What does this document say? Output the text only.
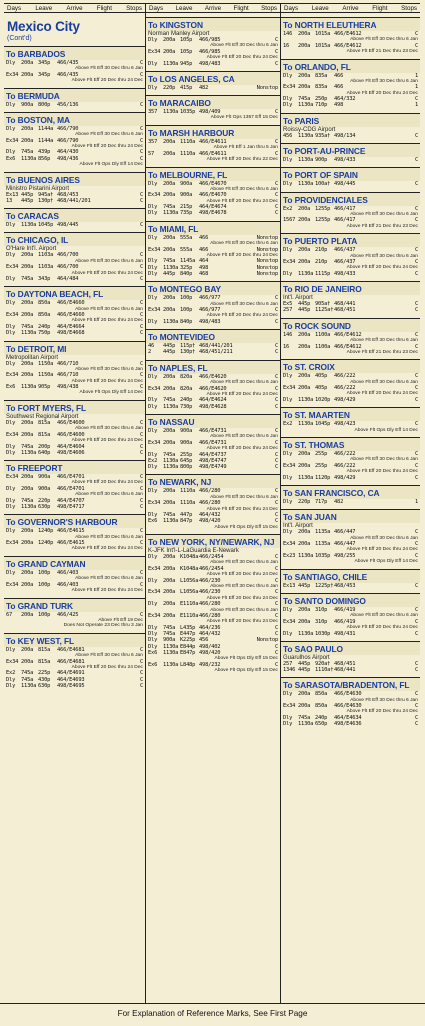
Days Leave Arrive Flight Stops
Mexico City
(Cont'd)
To BARBADOS
Dly	200a 345p	466/435	C
Above Flt Eff 30 Dec thru 6 Jan
Ex34 200a 345p	466/435	C
Above Flt Eff 20 Dec thru 24 Dec
To BERMUDA
Dly	900a 800p	456/136	C
To BOSTON, MA
Dly	200a 1144a 466/790	C
Above Flt Eff 30 Dec thru 6 Jan
Ex34 200a 1144a 466/790	C
Above Flt Eff 20 Dec thru 24 Dec
Dly	745a 439p	464/430	C
Ex6	1130a 856p	498/436	C
Above Flt Ops Dly Eff 14 Dec
To BUENOS AIRES
Ministro Pistarini Airport
Ex13 445p 945a† 468/453	C
13	445p 130p† 468/441/201	C
To CARACAS
Dly	1130a 1045p 498/445	C
To CHICAGO, IL
O'Hare Int'l. Airport
Dly	200a 1103a 466/700	C
Above Flt Eff 30 Dec thru 6 Jan
Ex34 200a 1103a 466/700	C
Above Flt Eff 20 Dec thru 24 Dec
Dly	745a 343p	464/484	C
To DAYTONA BEACH, FL
Dly	200a 850a	466/E4660	C
Above Flt Eff 30 Dec thru 6 Jan
Ex34 200a 850a	466/E4660	C
Above Flt Eff 20 Dec thru 24 Dec
Dly	745a 240p	464/E4664	C
Dly	1130a 750p	498/E4668	C
To DETROIT, MI
Metropolitan Airport
Dly	200a 1150a 466/710	C
Above Flt Eff 30 Dec thru 6 Jan
Ex34 200a 1150a 466/710	C
Above Flt Eff 20 Dec thru 24 Dec
Ex6	1130a 905p	498/438	C
Above Flt Ops Dly Eff 14 Dec
To FORT MYERS, FL
Southwest Regional Airport
Dly	200a 815a	466/E4600	C
Above Flt Eff 30 Dec thru 6 Jan
Ex34 200a 815a	466/E4600	C
Above Flt Eff 20 Dec thru 24 Dec
Dly	745a 200p	464/E4604	C
Dly	1130a 640p	498/E4606	C
To FREEPORT
Ex34 200a 900a	466/E4701	C
Above Flt Eff 20 Dec thru 24 Dec
Dly	200a 900a	466/E4701	C
Above Flt Eff 30 Dec thru 6 Jan
Dly	745a 220p	464/E4707	C
Dly	1130a 630p	498/E4717	C
To GOVERNOR'S HARBOUR
Dly	200a 1240p 466/E4615	C
Above Flt Eff 30 Dec thru 6 Jan
Ex34 200a 1240p 466/E4615	C
Above Flt Eff 20 Dec thru 24 Dec
To GRAND CAYMAN
Dly	200a 100p	466/403	C
Above Flt Eff 30 Dec thru 6 Jan
Ex34 200a 100p	466/403	C
Above Flt Eff 20 Dec thru 24 Dec
To GRAND TURK
67	200a 100p	466/425	C
Above Flt Eff 19 Dec
Does Not Operate 23 Dec thru 3 Jan
To KEY WEST, FL
Dly	200a 815a	466/E4681	C
Above Flt Eff 30 Dec thru 6 Jan
Ex34 200a 815a	466/E4681	C
Above Flt Eff 20 Dec thru 24 Dec
Ex2	745a 225p	464/E4691	C
Dly	745a 430p	464/E4693	C
Dly	1130a 630p	498/E4695	C
Days Leave Arrive Flight Stops
To KINGSTON
Norman Manley Airport
Dly	200a 105p	466/985	C
Above Flt Eff 30 Dec thru 6 Jan
Ex34 200a 105p	466/985	C
Above Flt Eff 20 Dec thru 24 Dec
Dly	1130a 945p	498/483	C
To LOS ANGELES, CA
Dly	220p 415p	482	Nonstop
To MARACAIBO
357	1130a 1035p 498/409	C
Above Flt Ops 1357 Eff 15 Dec
To MARSH HARBOUR
357	200a 1110a 466/E4611	C
Above Flt Eff 1 Jan thru 5 Jan
57	200a 1110a 466/E4611	C
Above Flt Eff 20 Dec thru 22 Dec
To MELBOURNE, FL
Dly	200a 900a	466/E4670	C
Above Flt Eff 30 Dec thru 6 Jan
Ex34 200a 900a	466/E4670	C
Above Flt Eff 20 Dec thru 24 Dec
Dly	745a 215p	464/E4674	C
Dly	1130a 735p	498/E4678	C
To MIAMI, FL
Dly	200a 555a	466	Nonstop
Above Flt Eff 30 Dec thru 6 Jan
Ex34 200a 555a	466	Nonstop
Above Flt Eff 20 Dec thru 24 Dec
Dly	745a 1145a 464	Nonstop
Dly	1130a 325p	498	Nonstop
Dly	445p 840p	468	Nonstop
To MONTEGO BAY
Dly	200a 100p	466/977	C
Above Flt Eff 30 Dec thru 6 Jan
Ex34 200a 100p	466/977	C
Above Flt Eff 20 Dec thru 24 Dec
Dly	1130a 840p	498/483	C
To MONTEVIDEO
46	445p 115p† 468/441/201	C
2	445p 130p† 468/451/211	C
To NAPLES, FL
Dly	200a 820a	466/E4620	C
Above Flt Eff 30 Dec thru 6 Jan
Ex34 200a 820a	466/E4620	C
Above Flt Eff 20 Dec thru 24 Dec
Dly	745a 240p	464/E4624	C
Dly	1130a 730p	498/E4628	C
To NASSAU
Dly	200a 900a	466/E4731	C
Above Flt Eff 30 Dec thru 6 Jan
Ex34 200a 900a	466/E4731	C
Above Flt Eff 20 Dec thru 24 Dec
Dly	745a 255p	464/E4737	C
Ex2	1130a 645p	498/E4747	C
Dly	1130a 800p	498/E4749	C
To NEWARK, NJ
Dly	200a 1110a 466/280	C
Above Flt Eff 30 Dec thru 6 Jan
Ex34 200a 1110a 466/280	C
Above Flt Eff 20 Dec thru 24 Dec
Dly	745a 447p	464/432	C
Ex6	1130a 847p	498/420	C
Above Flt Ops Dly Eff 15 Dec
To NEW YORK, NY/NEWARK, NJ
K-JFK Int'l-L-LaGuardia E-Newark
Dly	200a K1048a 466/2454	C
Above Flt Eff 30 Dec thru 6 Jan
Ex34 200a K1048a 466/2454	C
Above Flt Eff 20 Dec thru 24 Dec
Dly	200a L1056a 466/230	C
Above Flt Eff 30 Dec thru 6 Jan
Ex34 200a L1056a 466/230	C
Above Flt Eff 20 Dec thru 24 Dec
Dly	200a E1110a 466/280	C
Above Flt Eff 30 Dec thru 6 Jan
Ex34 200a E1110a 466/280	C
Above Flt Eff 20 Dec thru 24 Dec
Dly	745a L435p 464/236	C
Dly	745a E447p 464/432	C
Dly	900a K225p 456	Nonstop
Dly	1130a E844p 498/402	C
Ex6	1130a E847p 498/420	C
Above Flt Ops Dly Eff 15 Dec
Ex6	1130a L848p 498/232	C
Above Flt Ops Dly Eff 15 Dec
Days Leave Arrive Flight Stops
To NORTH ELEUTHERA
146	200a 1015a 466/E4612	C
Above Flt Eff 30 Dec thru 6 Jan
16	200a 1015a 466/E4612	C
Above Flt Eff 21 Dec thru 23 Dec
To ORLANDO, FL
Dly	200a 835a	466	1
Above Flt Eff 30 Dec thru 6 Jan
Ex34 200a 835a	466	1
Above Flt Eff 20 Dec thru 24 Dec
Dly	745a 250p	464/332	C
Dly	1130a 710p	498	1
To PARIS
Roissy-CDG Airport
456	1130a 935a† 498/134	C
To PORT-AU-PRINCE
Dly	1130a 900p	498/433	C
To PORT OF SPAIN
Dly	1130a 100a† 498/445	C
To PROVIDENCIALES
Ex2	200a 1255p 466/417	C
Above Flt Eff 30 Dec thru 6 Jan
1567 200a 1255p 466/417	C
Above Flt Eff 21 Dec thru 23 Dec
To PUERTO PLATA
Dly	200a 210p	466/437	C
Above Flt Eff 30 Dec thru 6 Jan
Ex34 200a 210p	466/437	C
Above Flt Eff 20 Dec thru 24 Dec
Dly	1130a 1115p 498/433	C
To RIO DE JANEIRO
Int'l. Airport
Ex5	445p 905a† 468/441	C
257	445p 1125a† 468/451	C
To ROCK SOUND
146	200a 1100a 466/E4612	C
Above Flt Eff 30 Dec thru 6 Jan
16	200a 1100a 466/E4612	C
Above Flt Eff 21 Dec thru 23 Dec
To ST. CROIX
Dly	200a 405p	466/222	C
Above Flt Eff 30 Dec thru 6 Jan
Ex34 200a 405p	466/222	C
Above Flt Eff 20 Dec thru 24 Dec
Dly	1130a 1020p 498/429	C
To ST. MAARTEN
Ex2	1130a 1045p 498/423	C
Above Flt Ops Dly Eff 14 Dec
To ST. THOMAS
Dly	200a 255p	466/222	C
Above Flt Eff 30 Dec thru 6 Jan
Ex34 200a 255p	466/222	C
Above Flt Eff 20 Dec thru 24 Dec
Dly	1130a 1120p 498/429	C
To SAN FRANCISCO, CA
Dly	220p 717p	482	1
To SAN JUAN
Int'l. Airport
Dly	200a 1135a 466/447	C
Above Flt Eff 30 Dec thru 6 Jan
Ex34 200a 1135a 466/447	C
Above Flt Eff 20 Dec thru 24 Dec
Ex23 1130a 1035p 498/255	C
Above Flt Ops Dly Eff 14 Dec
To SANTIAGO, CHILE
Ex13 445p 1225p† 468/453	C
To SANTO DOMINGO
Dly	200a 310p	466/419	C
Above Flt Eff 30 Dec thru 6 Jan
Ex34 200a 310p	466/419	C
Above Flt Eff 20 Dec thru 24 Dec
Dly	1130a 1030p 498/431	C
To SAO PAULO
Guarulhos Airport
257	445p 920a† 468/451	C
1346 445p 1110a† 468/441	C
To SARASOTA/BRADENTON, FL
Dly	200a 850a	466/E4630	C
Above Flt Eff 30 Dec thru 6 Jan
Ex34 200a 850a	466/E4630	C
Above Flt Eff 20 Dec thru 24 Dec
Dly	745a 240p	464/E4634	C
Dly	1130a 650p	498/E4636	C
For Explanation of Reference Marks, See First Page
